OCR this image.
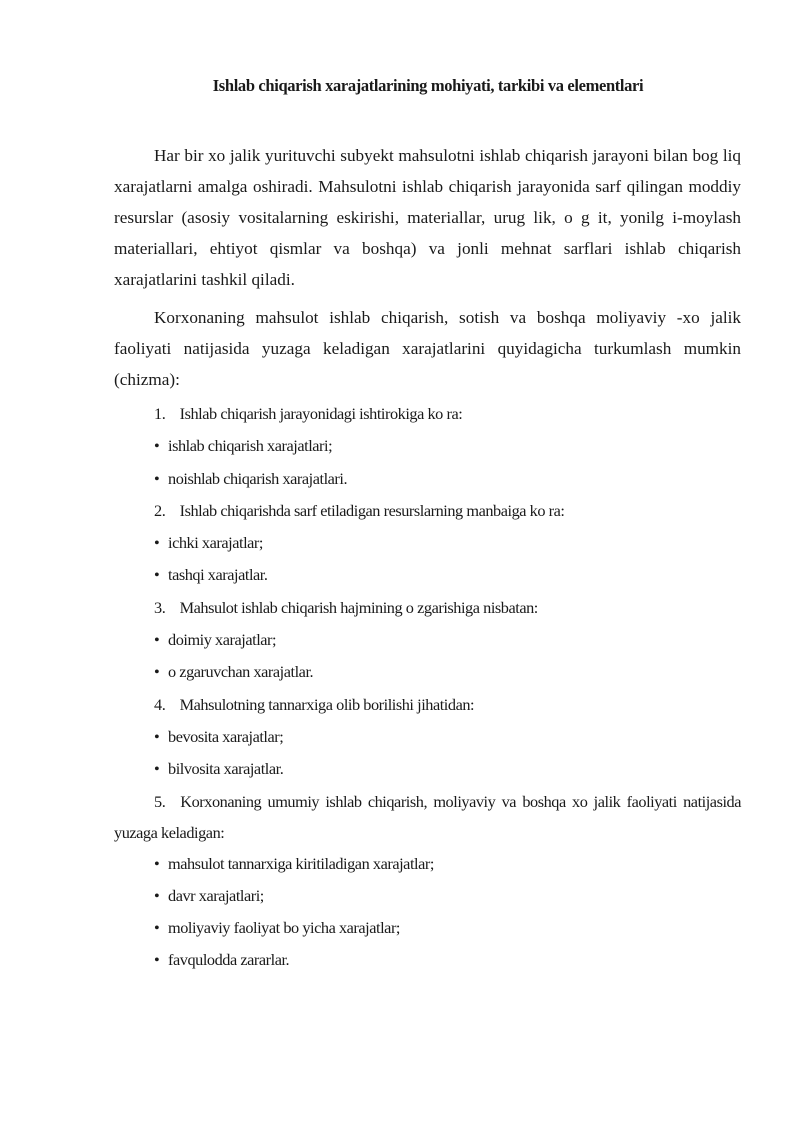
Ishlab chiqarish xarajatlarining mohiyati, tarkibi va elementlari

Har bir xo jalik yurituvchi subyekt mahsulotni ishlab chiqarish jarayoni bilan bog liq xarajatlarni amalga oshiradi. Mahsulotni ishlab chiqarish jarayonida sarf qilingan moddiy resurslar (asosiy vositalarning eskirishi, materiallar, urug lik, o g it, yonilg i-moylash materiallari, ehtiyot qismlar va boshqa) va jonli mehnat sarflari ishlab chiqarish xarajatlarini tashkil qiladi.

Korxonaning mahsulot ishlab chiqarish, sotish va boshqa moliyaviy -xo jalik faoliyati natijasida yuzaga keladigan xarajatlarini quyidagicha turkumlash mumkin (chizma):

1. Ishlab chiqarish jarayonidagi ishtirokiga ko ra:
• ishlab chiqarish xarajatlari;
• noishlab chiqarish xarajatlari.
2. Ishlab chiqarishda sarf etiladigan resurslarning manbaiga ko ra:
• ichki xarajatlar;
• tashqi xarajatlar.
3. Mahsulot ishlab chiqarish hajmining o zgarishiga nisbatan:
• doimiy xarajatlar;
• o zgaruvchan xarajatlar.
4. Mahsulotning tannarxiga olib borilishi jihatidan:
• bevosita xarajatlar;
• bilvosita xarajatlar.
5. Korxonaning umumiy ishlab chiqarish, moliyaviy va boshqa xo jalik faoliyati natijasida yuzaga keladigan:
• mahsulot tannarxiga kiritiladigan xarajatlar;
• davr xarajatlari;
• moliyaviy faoliyat bo yicha xarajatlar;
• favqulodda zararlar.
